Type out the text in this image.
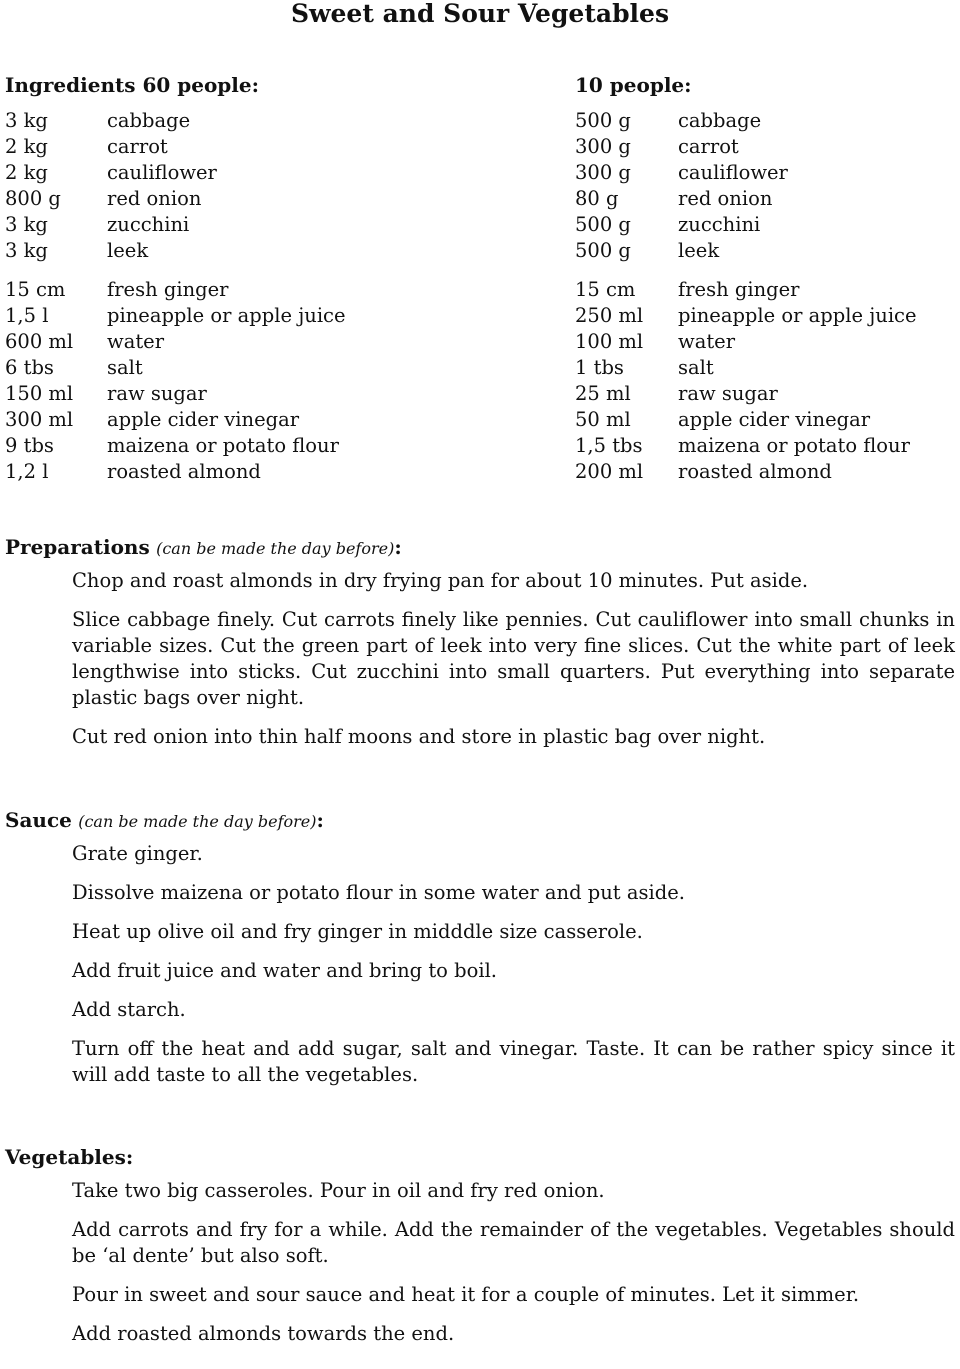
Sweet and Sour Vegetables
Ingredients 60 people:
3 kg	cabbage
2 kg	carrot
2 kg	cauliflower
800 g	red onion
3 kg	zucchini
3 kg	leek
15 cm	fresh ginger
1,5 l	pineapple or apple juice
600 ml	water
6 tbs	salt
150 ml	raw sugar
300 ml	apple cider vinegar
9 tbs	maizena or potato flour
1,2 l	roasted almond
10 people:
500 g	cabbage
300 g	carrot
300 g	cauliflower
80 g	red onion
500 g	zucchini
500 g	leek
15 cm	fresh ginger
250 ml	pineapple or apple juice
100 ml	water
1 tbs	salt
25 ml	raw sugar
50 ml	apple cider vinegar
1,5 tbs	maizena or potato flour
200 ml	roasted almond
Preparations (can be made the day before):
Chop and roast almonds in dry frying pan for about 10 minutes. Put aside.
Slice cabbage finely. Cut carrots finely like pennies. Cut cauliflower into small chunks in variable sizes. Cut the green part of leek into very fine slices. Cut the white part of leek lengthwise into sticks. Cut zucchini into small quarters. Put everything into separate plastic bags over night.
Cut red onion into thin half moons and store in plastic bag over night.
Sauce (can be made the day before):
Grate ginger.
Dissolve maizena or potato flour in some water and put aside.
Heat up olive oil and fry ginger in midddle size casserole.
Add fruit juice and water and bring to boil.
Add starch.
Turn off the heat and add sugar, salt and vinegar. Taste. It can be rather spicy since it will add taste to all the vegetables.
Vegetables:
Take two big casseroles. Pour in oil and fry red onion.
Add carrots and fry for a while. Add the remainder of the vegetables. Vegetables should be ‘al dente’ but also soft.
Pour in sweet and sour sauce and heat it for a couple of minutes. Let it simmer.
Add roasted almonds towards the end.
